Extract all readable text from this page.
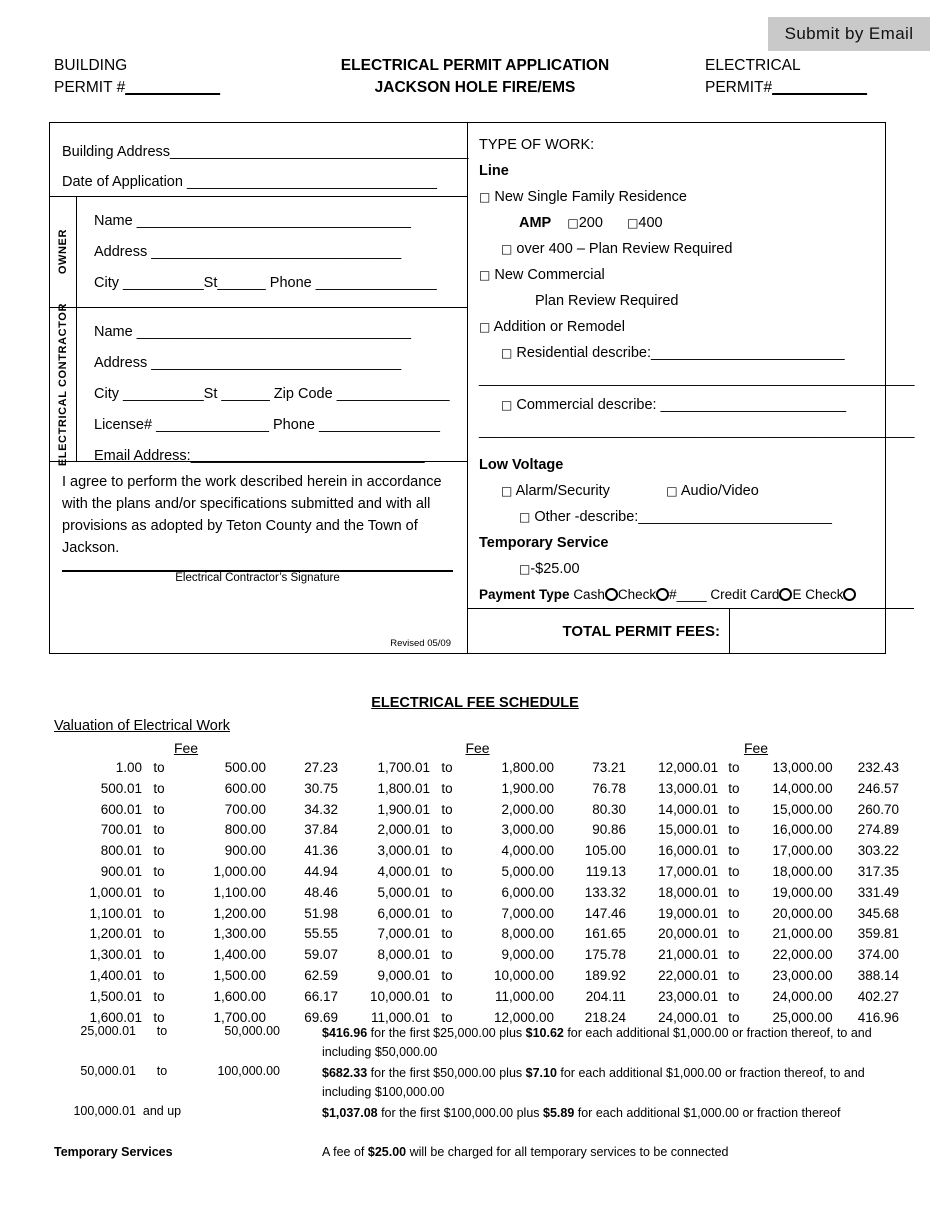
Submit by Email
BUILDING
PERMIT #___________
ELECTRICAL PERMIT APPLICATION
JACKSON HOLE FIRE/EMS
ELECTRICAL
PERMIT#___________
Building Address_____________________________________
Date of Application _______________________________
OWNER
Name __________________________________
Address _______________________________
City __________St______ Phone _______________
ELECTRICAL CONTRACTOR Name __________________________________
Address _______________________________
City __________St ______ Zip Code ______________
License# ______________ Phone _______________
Email Address:_____________________________

I agree to perform the work described herein in accordance with the plans and/or specifications submitted and with all provisions as adopted by Teton County and the Town of Jackson.

Electrical Contractor’s Signature
Revised 05/09
TYPE OF WORK:
Line
□ New Single Family Residence
AMP □200 □400
□ over 400 – Plan Review Required
□ New Commercial
Plan Review Required
□ Addition or Remodel
□ Residential describe:________________________
______________________________________________________
□ Commercial describe: _______________________
______________________________________________________
Low Voltage
□ Alarm/Security	□ Audio/Video
□ Other -describe:________________________
Temporary Service
□-$25.00
Payment Type Cash Check #____ Credit Card E Check
TOTAL PERMIT FEES:
ELECTRICAL FEE SCHEDULE
Valuation of Electrical Work
Fee
1.00 to	500.00	27.23
500.01 to	600.00	30.75
600.01 to	700.00	34.32
700.01 to	800.00	37.84
800.01 to	900.00	41.36
900.01 to	1,000.00	44.94
1,000.01 to	1,100.00	48.46
1,100.01 to	1,200.00	51.98
1,200.01 to	1,300.00	55.55
1,300.01 to	1,400.00	59.07
1,400.01 to	1,500.00	62.59
1,500.01 to	1,600.00	66.17
1,600.01 to	1,700.00	69.69
Fee
1,700.01 to	1,800.00	73.21
1,800.01 to	1,900.00	76.78
1,900.01 to	2,000.00	80.30
2,000.01 to	3,000.00	90.86
3,000.01 to	4,000.00	105.00
4,000.01 to	5,000.00	119.13
5,000.01 to	6,000.00	133.32
6,000.01 to	7,000.00	147.46
7,000.01 to	8,000.00	161.65
8,000.01 to	9,000.00	175.78
9,000.01 to	10,000.00	189.92
10,000.01 to	11,000.00	204.11
11,000.01 to	12,000.00	218.24
Fee
12,000.01 to	13,000.00	232.43
13,000.01 to	14,000.00	246.57
14,000.01 to	15,000.00	260.70
15,000.01 to	16,000.00	274.89
16,000.01 to	17,000.00	303.22
17,000.01 to	18,000.00	317.35
18,000.01 to	19,000.00	331.49
19,000.01 to	20,000.00	345.68
20,000.01 to	21,000.00	359.81
21,000.01 to	22,000.00	374.00
22,000.01 to	23,000.00	388.14
23,000.01 to	24,000.00	402.27
24,000.01 to	25,000.00	416.96
25,000.01	to	50,000.00	$416.96 for the first $25,000.00 plus $10.62 for each additional $1,000.00 or fraction thereof, to and including $50,000.00
50,000.01	to	100,000.00	$682.33 for the first $50,000.00 plus $7.10 for each additional $1,000.00 or fraction thereof, to and including $100,000.00
100,000.01 and up	$1,037.08 for the first $100,000.00 plus $5.89 for each additional $1,000.00 or fraction thereof
Temporary Services	A fee of $25.00 will be charged for all temporary services to be connected
